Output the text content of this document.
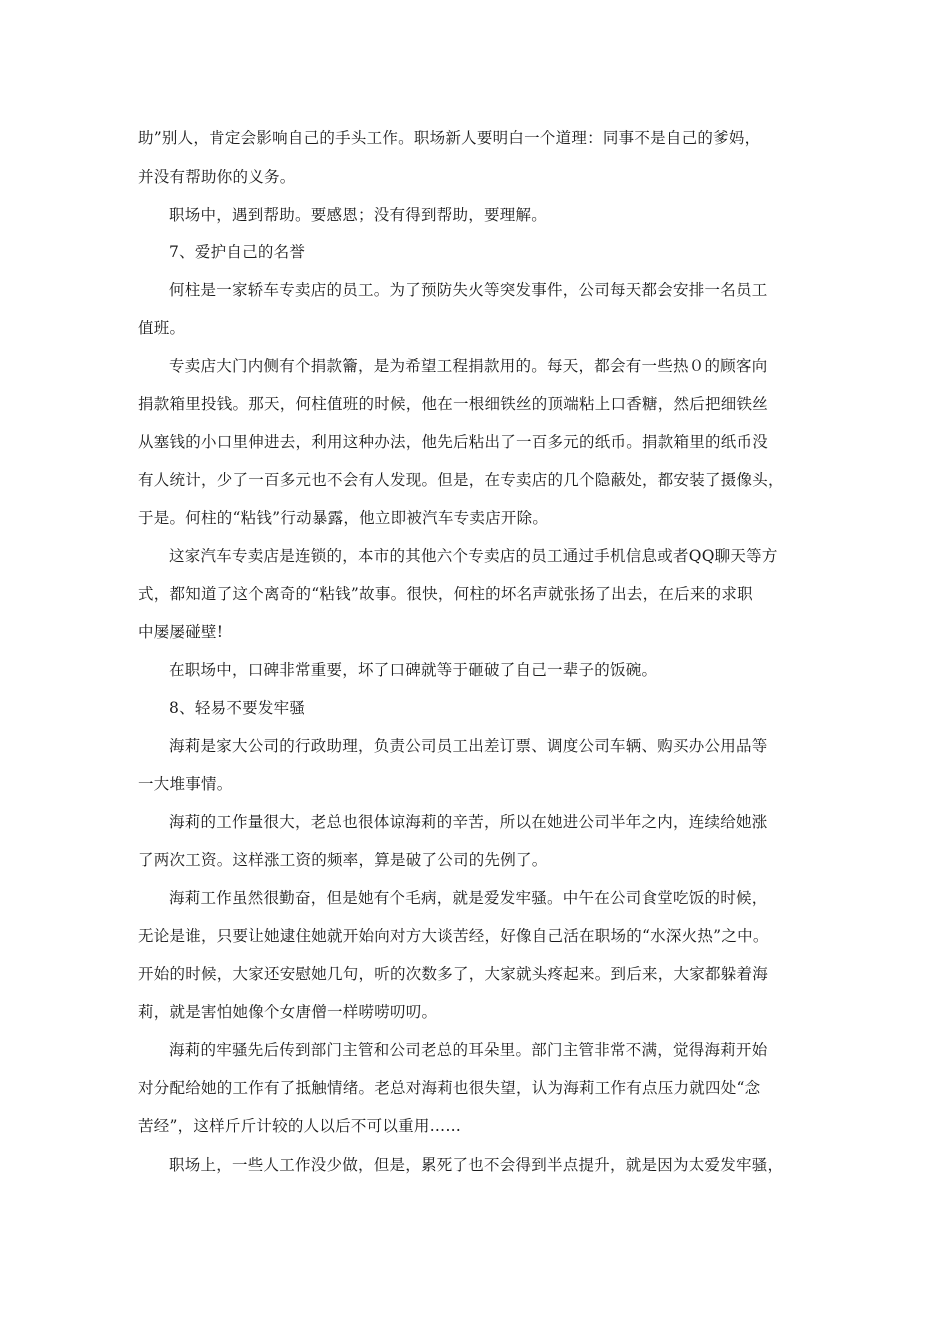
助”别人，肯定会影响自己的手头工作。职场新人要明白一个道理：同事不是自己的爹妈，
并没有帮助你的义务。
职场中，遇到帮助。要感恩；没有得到帮助，要理解。
7、爱护自己的名誉
何柱是一家轿车专卖店的员工。为了预防失火等突发事件，公司每天都会安排一名员工
值班。
专卖店大门内侧有个捐款籥，是为希望工程捐款用的。每天，都会有一些热０的顾客向
捐款箱里投钱。那天，何柱值班的时候，他在一根细铁丝的顶端粘上口香糖，然后把细铁丝
从塞钱的小口里伸进去，利用这种办法，他先后粘出了一百多元的纸币。捐款箱里的纸币没
有人统计，少了一百多元也不会有人发现。但是，在专卖店的几个隐蔽处，都安装了摄像头，
于是。何柱的“粘钱”行动暴露，他立即被汽车专卖店开除。
这家汽车专卖店是连锁的，本市的其他六个专卖店的员工通过手机信息或者QQ聊天等方
式，都知道了这个离奇的“粘钱”故事。很快，何柱的坏名声就张扬了出去，在后来的求职
中屡屡碰壁!
在职场中，口碑非常重要，坏了口碑就等于砸破了自己一辈子的饭碗。
8、轻易不要发牢骚
海莉是家大公司的行政助理，负责公司员工出差订票、调度公司车辆、购买办公用品等
一大堆事情。
海莉的工作量很大，老总也很体谅海莉的辛苦，所以在她进公司半年之内，连续给她涨
了两次工资。这样涨工资的频率，算是破了公司的先例了。
海莉工作虽然很勤奋，但是她有个毛病，就是爱发牢骚。中午在公司食堂吃饭的时候，
无论是谁，只要让她逮住她就开始向对方大谈苦经，好像自己活在职场的“水深火热”之中。
开始的时候，大家还安慰她几句，听的次数多了，大家就头疼起来。到后来，大家都躲着海
莉，就是害怕她像个女唐僧一样唠唠叨叨。
海莉的牢骚先后传到部门主管和公司老总的耳朵里。部门主管非常不满，觉得海莉开始
对分配给她的工作有了抵触情绪。老总对海莉也很失望，认为海莉工作有点压力就四处“念
苦经”，这样斤斤计较的人以后不可以重用……
职场上，一些人工作没少做，但是，累死了也不会得到半点提升，就是因为太爱发牢骚，
